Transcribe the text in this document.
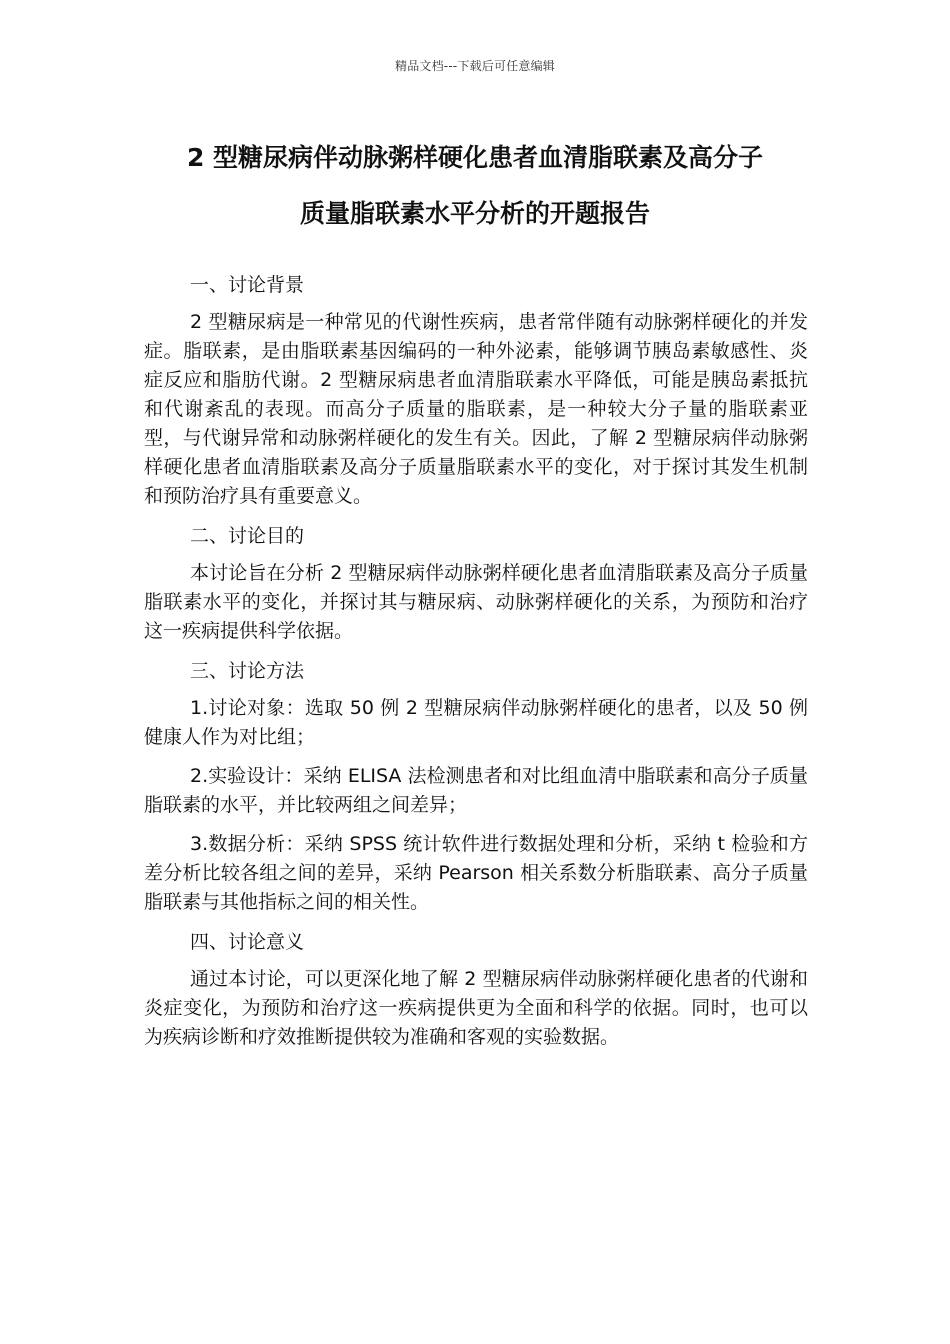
精品文档---下载后可任意编辑
2 型糖尿病伴动脉粥样硬化患者血清脂联素及高分子
质量脂联素水平分析的开题报告
一、讨论背景

2 型糖尿病是一种常见的代谢性疾病，患者常伴随有动脉粥样硬化的并发症。脂联素，是由脂联素基因编码的一种外泌素，能够调节胰岛素敏感性、炎症反应和脂肪代谢。2 型糖尿病患者血清脂联素水平降低，可能是胰岛素抵抗和代谢紊乱的表现。而高分子质量的脂联素，是一种较大分子量的脂联素亚型，与代谢异常和动脉粥样硬化的发生有关。因此，了解 2 型糖尿病伴动脉粥样硬化患者血清脂联素及高分子质量脂联素水平的变化，对于探讨其发生机制和预防治疗具有重要意义。

二、讨论目的

本讨论旨在分析 2 型糖尿病伴动脉粥样硬化患者血清脂联素及高分子质量脂联素水平的变化，并探讨其与糖尿病、动脉粥样硬化的关系，为预防和治疗这一疾病提供科学依据。

三、讨论方法

1.讨论对象：选取 50 例 2 型糖尿病伴动脉粥样硬化的患者，以及 50 例健康人作为对比组；

2.实验设计：采纳 ELISA 法检测患者和对比组血清中脂联素和高分子质量脂联素的水平，并比较两组之间差异；

3.数据分析：采纳 SPSS 统计软件进行数据处理和分析，采纳 t 检验和方差分析比较各组之间的差异，采纳 Pearson 相关系数分析脂联素、高分子质量脂联素与其他指标之间的相关性。

四、讨论意义

通过本讨论，可以更深化地了解 2 型糖尿病伴动脉粥样硬化患者的代谢和炎症变化，为预防和治疗这一疾病提供更为全面和科学的依据。同时，也可以为疾病诊断和疗效推断提供较为准确和客观的实验数据。
